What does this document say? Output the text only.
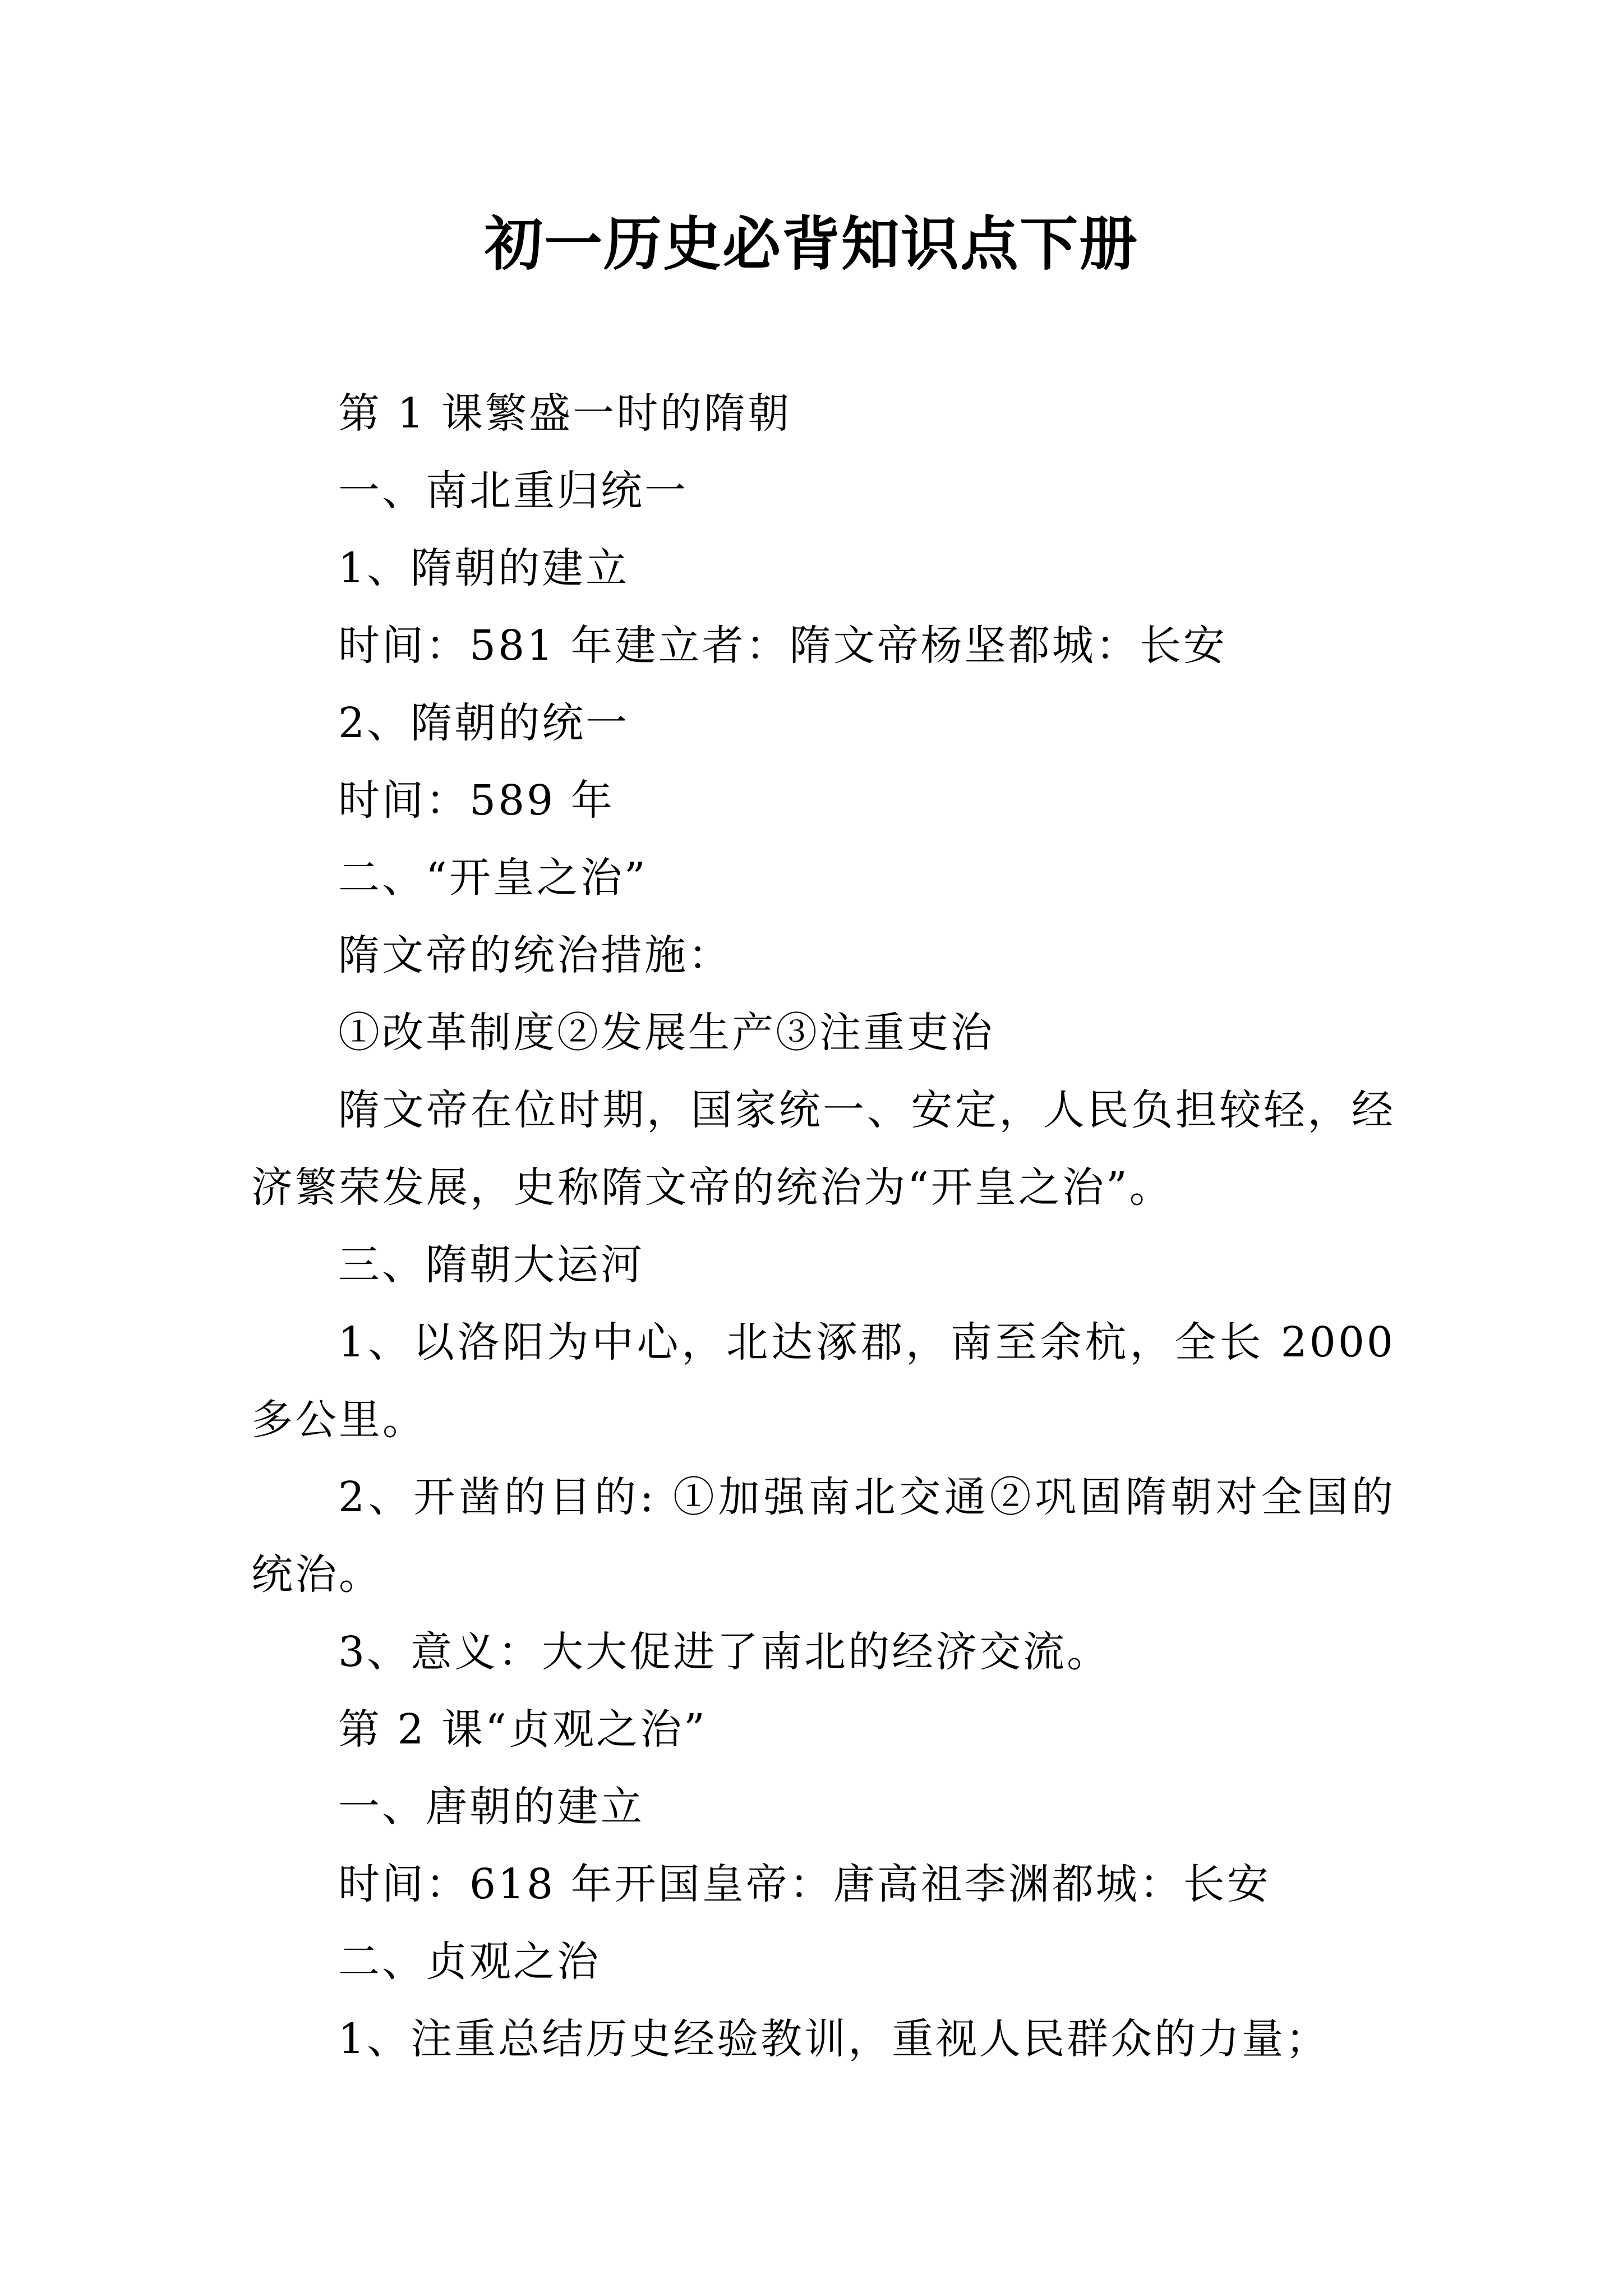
初一历史必背知识点下册

第 1 课繁盛一时的隋朝

一、南北重归统一

1、隋朝的建立

时间：581 年建立者：隋文帝杨坚都城：长安

2、隋朝的统一

时间：589 年

二、“开皇之治”

隋文帝的统治措施：

①改革制度②发展生产③注重吏治

隋文帝在位时期，国家统一、安定，人民负担较轻，经济繁荣发展，史称隋文帝的统治为“开皇之治”。

三、隋朝大运河

1、以洛阳为中心，北达涿郡，南至余杭，全长 2000 多公里。

2、开凿的目的: ①加强南北交通②巩固隋朝对全国的统治。

3、意义：大大促进了南北的经济交流。

第 2 课“贞观之治”

一、唐朝的建立

时间：618 年开国皇帝：唐高祖李渊都城：长安

二、贞观之治

1、注重总结历史经验教训，重视人民群众的力量；
